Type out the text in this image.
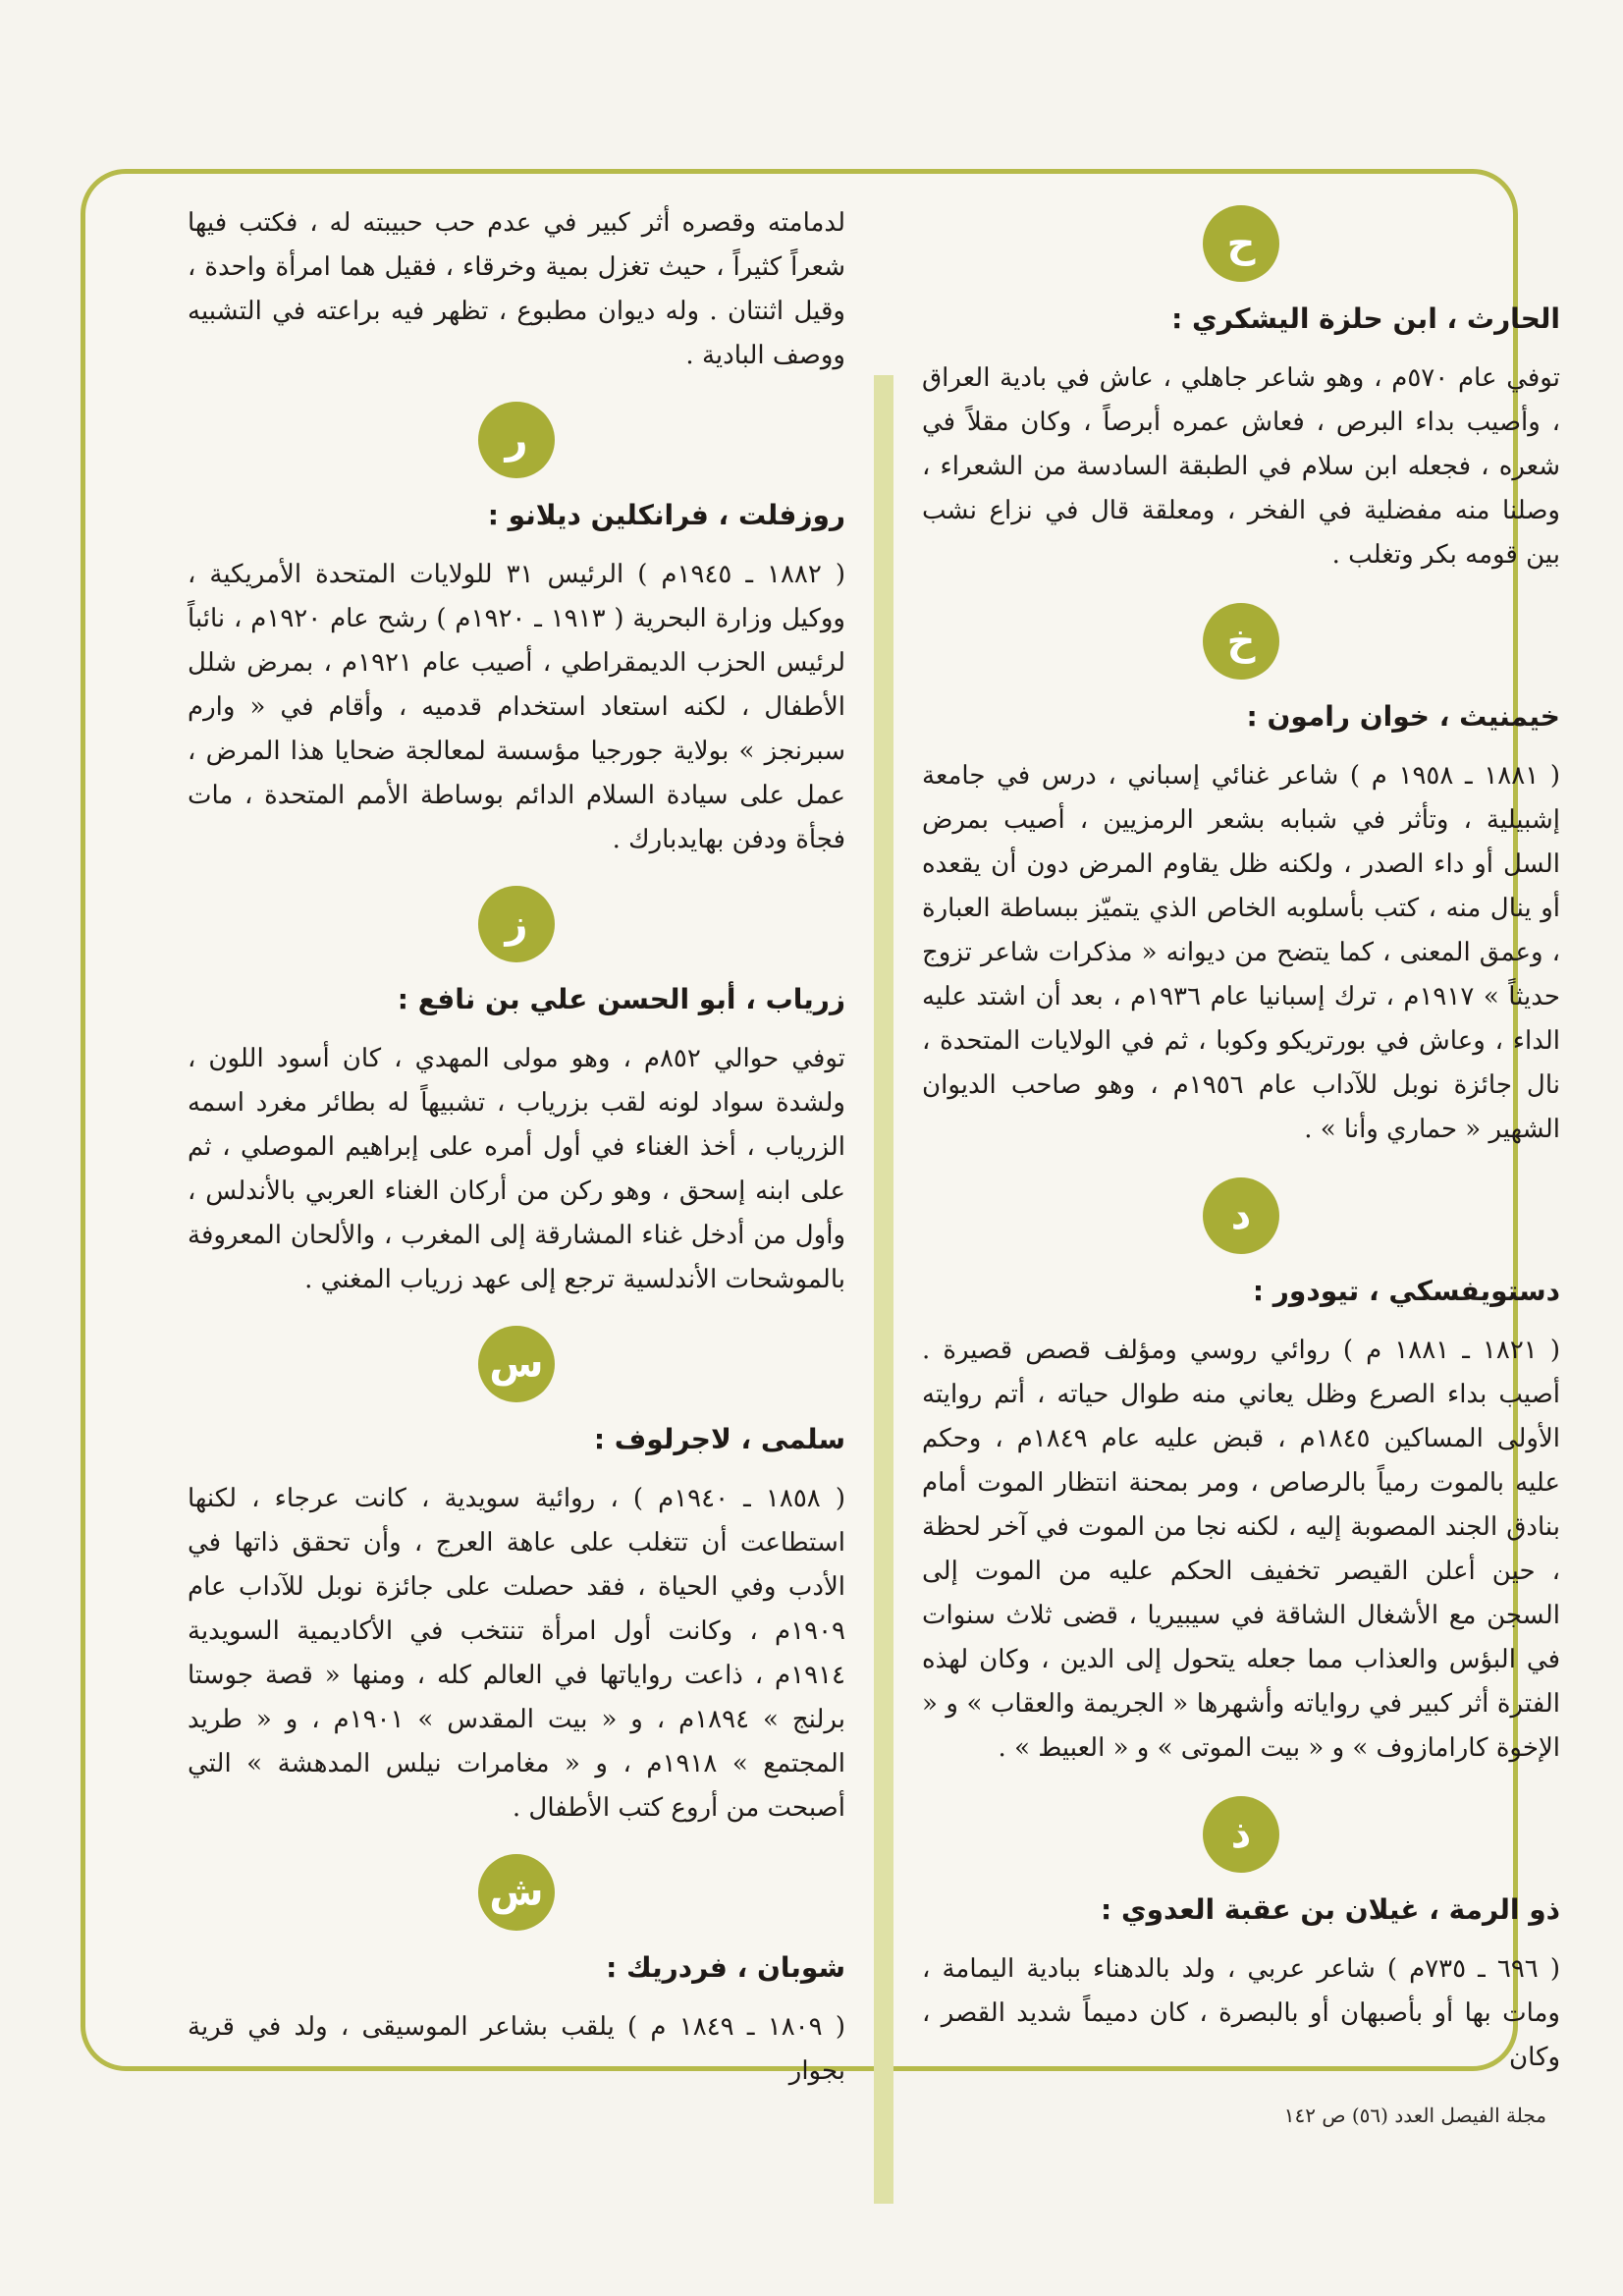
ح
الحارث ، ابن حلزة اليشكري :

توفي عام ٥٧٠م ، وهو شاعر جاهلي ، عاش في بادية العراق ، وأصيب بداء البرص ، فعاش عمره أبرصاً ، وكان مقلاً في شعره ، فجعله ابن سلام في الطبقة السادسة من الشعراء ، وصلنا منه مفضلية في الفخر ، ومعلقة قال في نزاع نشب بين قومه بكر وتغلب .

خ
خيمنيث ، خوان رامون :

( ١٨٨١ ـ ١٩٥٨ م ) شاعر غنائي إسباني ، درس في جامعة إشبيلية ، وتأثر في شبابه بشعر الرمزيين ، أصيب بمرض السل أو داء الصدر ، ولكنه ظل يقاوم المرض دون أن يقعده أو ينال منه ، كتب بأسلوبه الخاص الذي يتميّز ببساطة العبارة ، وعمق المعنى ، كما يتضح من ديوانه « مذكرات شاعر تزوج حديثاً » ١٩١٧م ، ترك إسبانيا عام ١٩٣٦م ، بعد أن اشتد عليه الداء ، وعاش في بورتريكو وكوبا ، ثم في الولايات المتحدة ، نال جائزة نوبل للآداب عام ١٩٥٦م ، وهو صاحب الديوان الشهير « حماري وأنا » .

د
دستويفسكي ، تيودور :

( ١٨٢١ ـ ١٨٨١ م ) روائي روسي ومؤلف قصص قصيرة . أصيب بداء الصرع وظل يعاني منه طوال حياته ، أتم روايته الأولى المساكين ١٨٤٥م ، قبض عليه عام ١٨٤٩م ، وحكم عليه بالموت رمياً بالرصاص ، ومر بمحنة انتظار الموت أمام بنادق الجند المصوبة إليه ، لكنه نجا من الموت في آخر لحظة ، حين أعلن القيصر تخفيف الحكم عليه من الموت إلى السجن مع الأشغال الشاقة في سيبيريا ، قضى ثلاث سنوات في البؤس والعذاب مما جعله يتحول إلى الدين ، وكان لهذه الفترة أثر كبير في رواياته وأشهرها « الجريمة والعقاب » و « الإخوة كارامازوف » و « بيت الموتى » و « العبيط » .

ذ
ذو الرمة ، غيلان بن عقبة العدوي :

( ٦٩٦ ـ ٧٣٥م ) شاعر عربي ، ولد بالدهناء ببادية اليمامة ، ومات بها أو بأصبهان أو بالبصرة ، كان دميماً شديد القصر ، وكان

لدمامته وقصره أثر كبير في عدم حب حبيبته له ، فكتب فيها شعراً كثيراً ، حيث تغزل بمية وخرقاء ، فقيل هما امرأة واحدة ، وقيل اثنتان . وله ديوان مطبوع ، تظهر فيه براعته في التشبيه ووصف البادية .

ر
روزفلت ، فرانكلين ديلانو :

( ١٨٨٢ ـ ١٩٤٥م ) الرئيس ٣١ للولايات المتحدة الأمريكية ، ووكيل وزارة البحرية ( ١٩١٣ ـ ١٩٢٠م ) رشح عام ١٩٢٠م ، نائباً لرئيس الحزب الديمقراطي ، أصيب عام ١٩٢١م ، بمرض شلل الأطفال ، لكنه استعاد استخدام قدميه ، وأقام في « وارم سبرنجز » بولاية جورجيا مؤسسة لمعالجة ضحايا هذا المرض ، عمل على سيادة السلام الدائم بوساطة الأمم المتحدة ، مات فجأة ودفن بهايدبارك .

ز
زرياب ، أبو الحسن علي بن نافع :

توفي حوالي ٨٥٢م ، وهو مولى المهدي ، كان أسود اللون ، ولشدة سواد لونه لقب بزرياب ، تشبيهاً له بطائر مغرد اسمه الزرياب ، أخذ الغناء في أول أمره على إبراهيم الموصلي ، ثم على ابنه إسحق ، وهو ركن من أركان الغناء العربي بالأندلس ، وأول من أدخل غناء المشارقة إلى المغرب ، والألحان المعروفة بالموشحات الأندلسية ترجع إلى عهد زرياب المغني .

س
سلمى ، لاجرلوف :

( ١٨٥٨ ـ ١٩٤٠م ) ، روائية سويدية ، كانت عرجاء ، لكنها استطاعت أن تتغلب على عاهة العرج ، وأن تحقق ذاتها في الأدب وفي الحياة ، فقد حصلت على جائزة نوبل للآداب عام ١٩٠٩م ، وكانت أول امرأة تنتخب في الأكاديمية السويدية ١٩١٤م ، ذاعت رواياتها في العالم كله ، ومنها « قصة جوستا برلنج » ١٨٩٤م ، و « بيت المقدس » ١٩٠١م ، و « طريد المجتمع » ١٩١٨م ، و « مغامرات نيلس المدهشة » التي أصبحت من أروع كتب الأطفال .

ش
شوبان ، فردريك :

( ١٨٠٩ ـ ١٨٤٩ م ) يلقب بشاعر الموسيقى ، ولد في قرية بجوار

مجلة الفيصل العدد (٥٦) ص ١٤٢
